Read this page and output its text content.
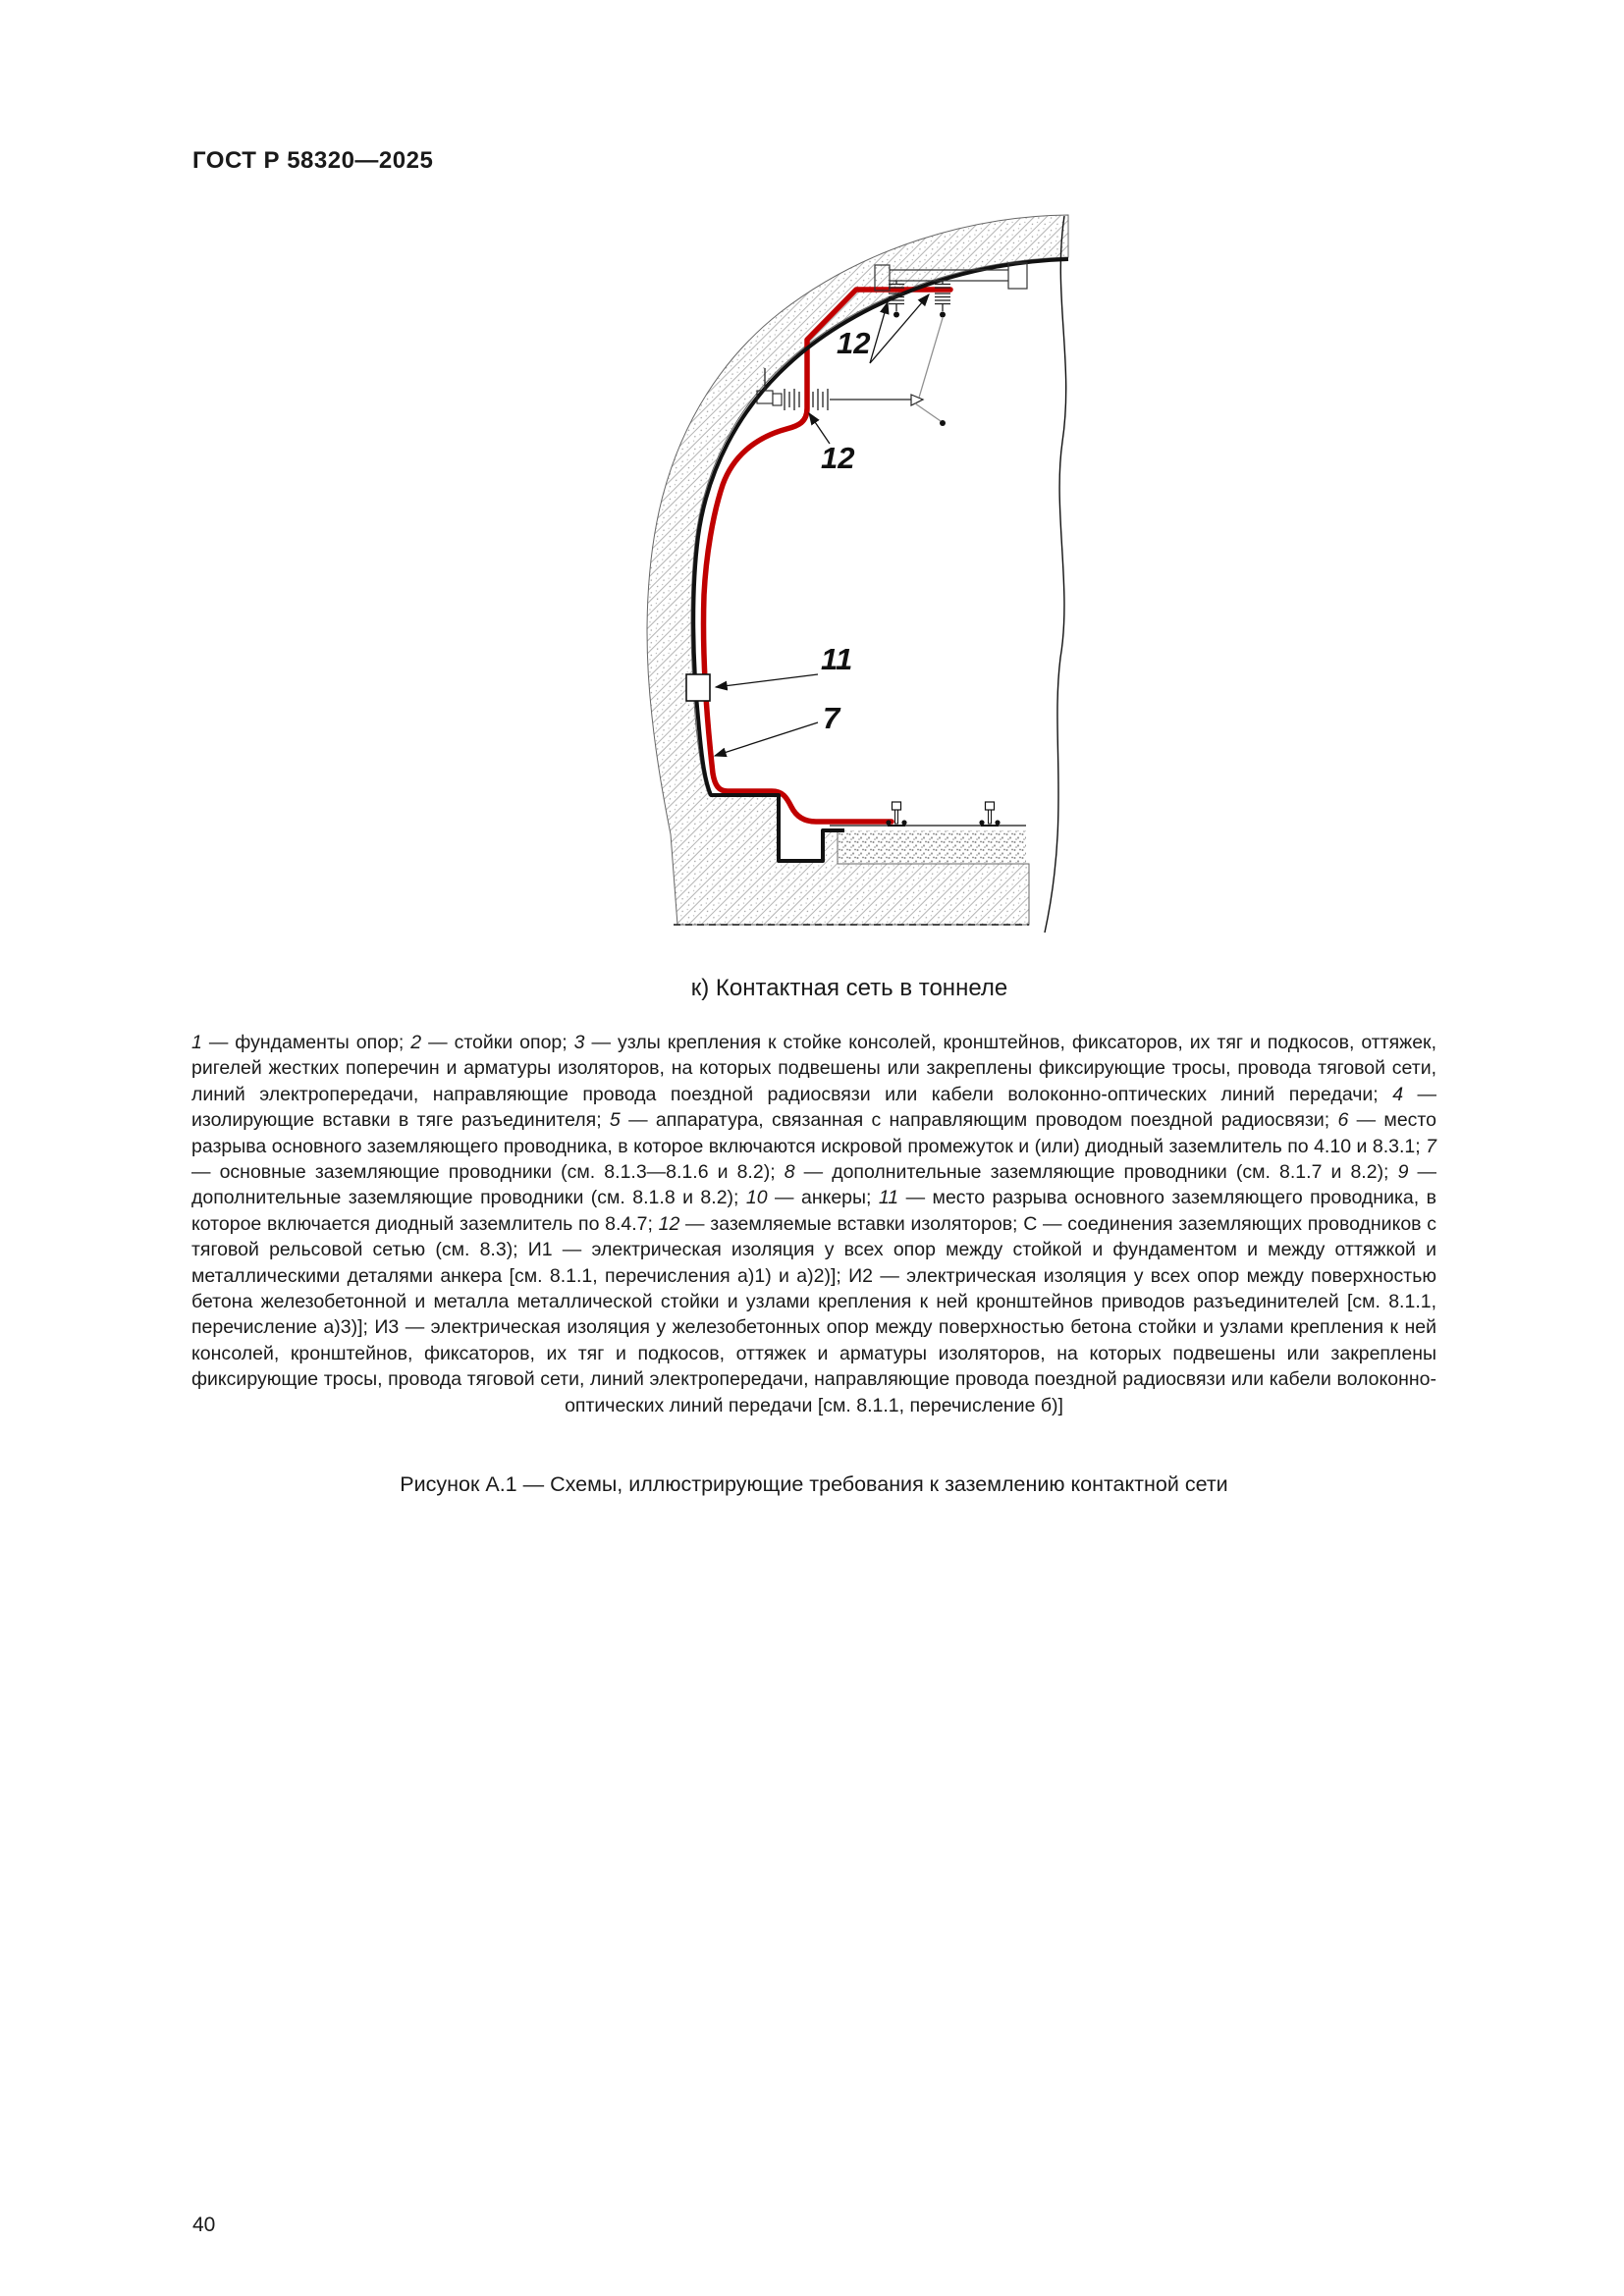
ГОСТ Р 58320—2025
12
12
11
7
к) Контактная сеть в тоннеле

1 — фундаменты опор; 2 — стойки опор; 3 — узлы крепления к стойке консолей, кронштейнов, фиксаторов, их тяг и подкосов, оттяжек, ригелей жестких поперечин и арматуры изоляторов, на которых подвешены или закреплены фиксирующие тросы, провода тяговой сети, линий электропередачи, направляющие провода поездной радиосвязи или кабели волоконно-оптических линий передачи; 4 — изолирующие вставки в тяге разъединителя; 5 — аппаратура, связанная с направляющим проводом поездной радиосвязи; 6 — место разрыва основного заземляющего проводника, в которое включаются искровой промежуток и (или) диодный заземлитель по 4.10 и 8.3.1; 7 — основные заземляющие проводники (см. 8.1.3—8.1.6 и 8.2); 8 — дополнительные заземляющие проводники (см. 8.1.7 и 8.2); 9 — дополнительные заземляющие проводники (см. 8.1.8 и 8.2); 10 — анкеры; 11 — место разрыва основного заземляющего проводника, в которое включается диодный заземлитель по 8.4.7; 12 — заземляемые вставки изоляторов; С — соединения заземляющих проводников с тяговой рельсовой сетью (см. 8.3); И1 — электрическая изоляция у всех опор между стойкой и фундаментом и между оттяжкой и металлическими деталями анкера [см. 8.1.1, перечисления а)1) и а)2)]; И2 — электрическая изоляция у всех опор между поверхностью бетона железобетонной и металла металлической стойки и узлами крепления к ней кронштейнов приводов разъединителей [см. 8.1.1, перечисление а)3)]; И3 — электрическая изоляция у железобетонных опор между поверхностью бетона стойки и узлами крепления к ней консолей, кронштейнов, фиксаторов, их тяг и подкосов, оттяжек и арматуры изоляторов, на которых подвешены или закреплены фиксирующие тросы, провода тяговой сети, линий электропередачи, направляющие провода поездной радиосвязи или кабели волоконно-оптических линий передачи [см. 8.1.1, перечисление б)]

Рисунок А.1 — Схемы, иллюстрирующие требования к заземлению контактной сети
40
